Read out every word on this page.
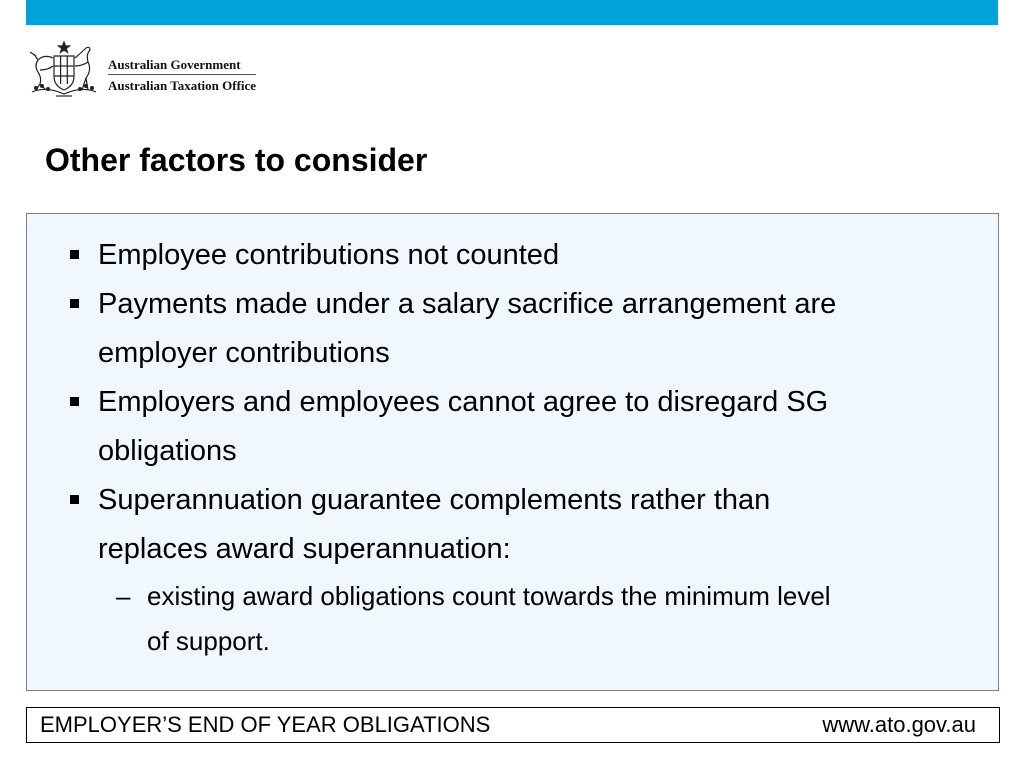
Australian Government
Australian Taxation Office
Other factors to consider
Employee contributions not counted
Payments made under a salary sacrifice arrangement are
employer contributions
Employers and employees cannot agree to disregard SG
obligations
Superannuation guarantee complements rather than
replaces award superannuation:
– existing award obligations count towards the minimum level
of support.
EMPLOYER’S END OF YEAR OBLIGATIONS	www.ato.gov.au
